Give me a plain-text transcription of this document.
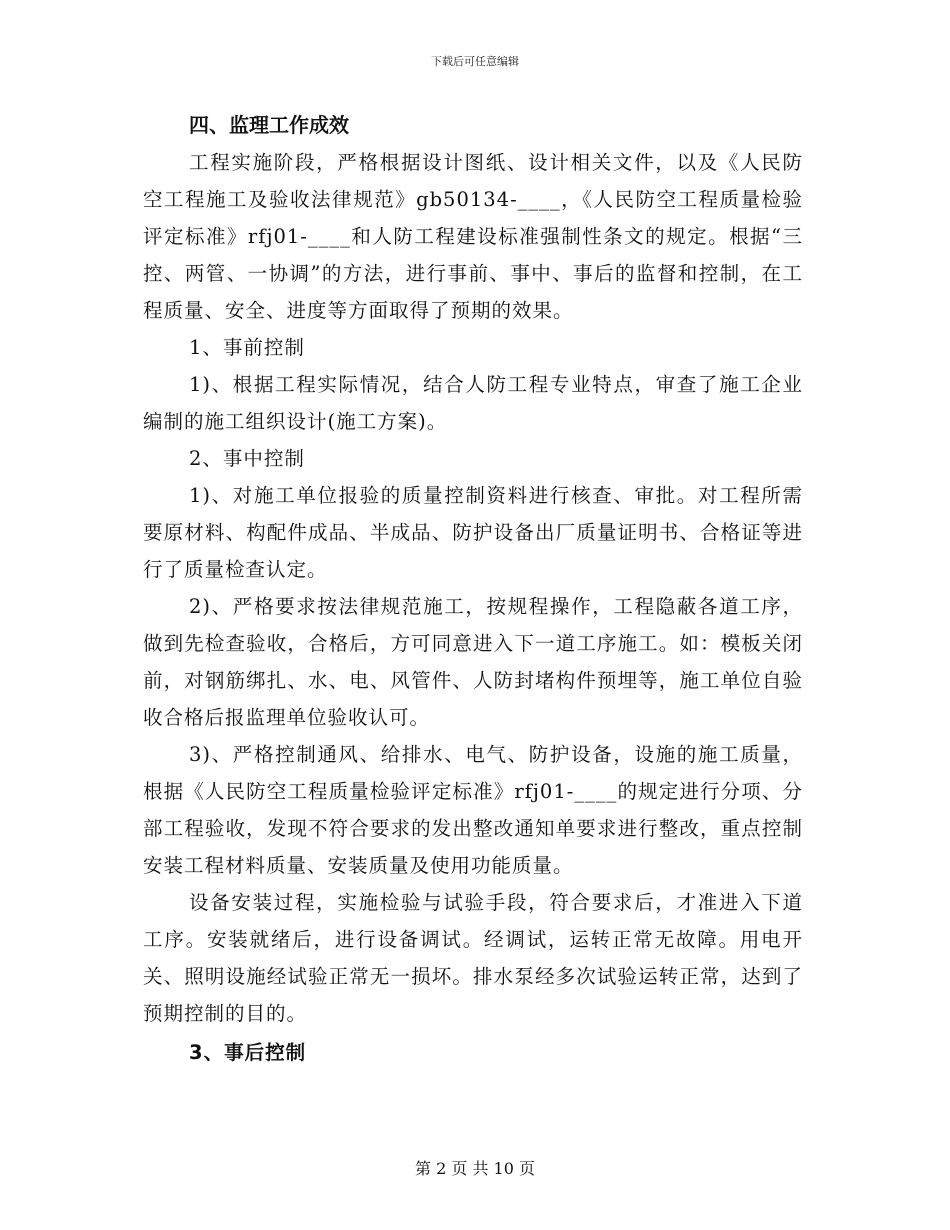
下载后可任意编辑

四、监理工作成效

工程实施阶段，严格根据设计图纸、设计相关文件，以及《人民防空工程施工及验收法律规范》gb50134-____，《人民防空工程质量检验评定标准》rfj01-____和人防工程建设标准强制性条文的规定。根据“三控、两管、一协调”的方法，进行事前、事中、事后的监督和控制，在工程质量、安全、进度等方面取得了预期的效果。

1、事前控制

1)、根据工程实际情况，结合人防工程专业特点，审查了施工企业编制的施工组织设计(施工方案)。

2、事中控制

1)、对施工单位报验的质量控制资料进行核查、审批。对工程所需要原材料、构配件成品、半成品、防护设备出厂质量证明书、合格证等进行了质量检查认定。

2)、严格要求按法律规范施工，按规程操作，工程隐蔽各道工序，做到先检查验收，合格后，方可同意进入下一道工序施工。如：模板关闭前，对钢筋绑扎、水、电、风管件、人防封堵构件预埋等，施工单位自验收合格后报监理单位验收认可。

3)、严格控制通风、给排水、电气、防护设备，设施的施工质量，根据《人民防空工程质量检验评定标准》rfj01-____的规定进行分项、分部工程验收，发现不符合要求的发出整改通知单要求进行整改，重点控制安装工程材料质量、安装质量及使用功能质量。

设备安装过程，实施检验与试验手段，符合要求后，才准进入下道工序。安装就绪后，进行设备调试。经调试，运转正常无故障。用电开关、照明设施经试验正常无一损坏。排水泵经多次试验运转正常，达到了预期控制的目的。

3、事后控制

第 2 页 共 10 页
